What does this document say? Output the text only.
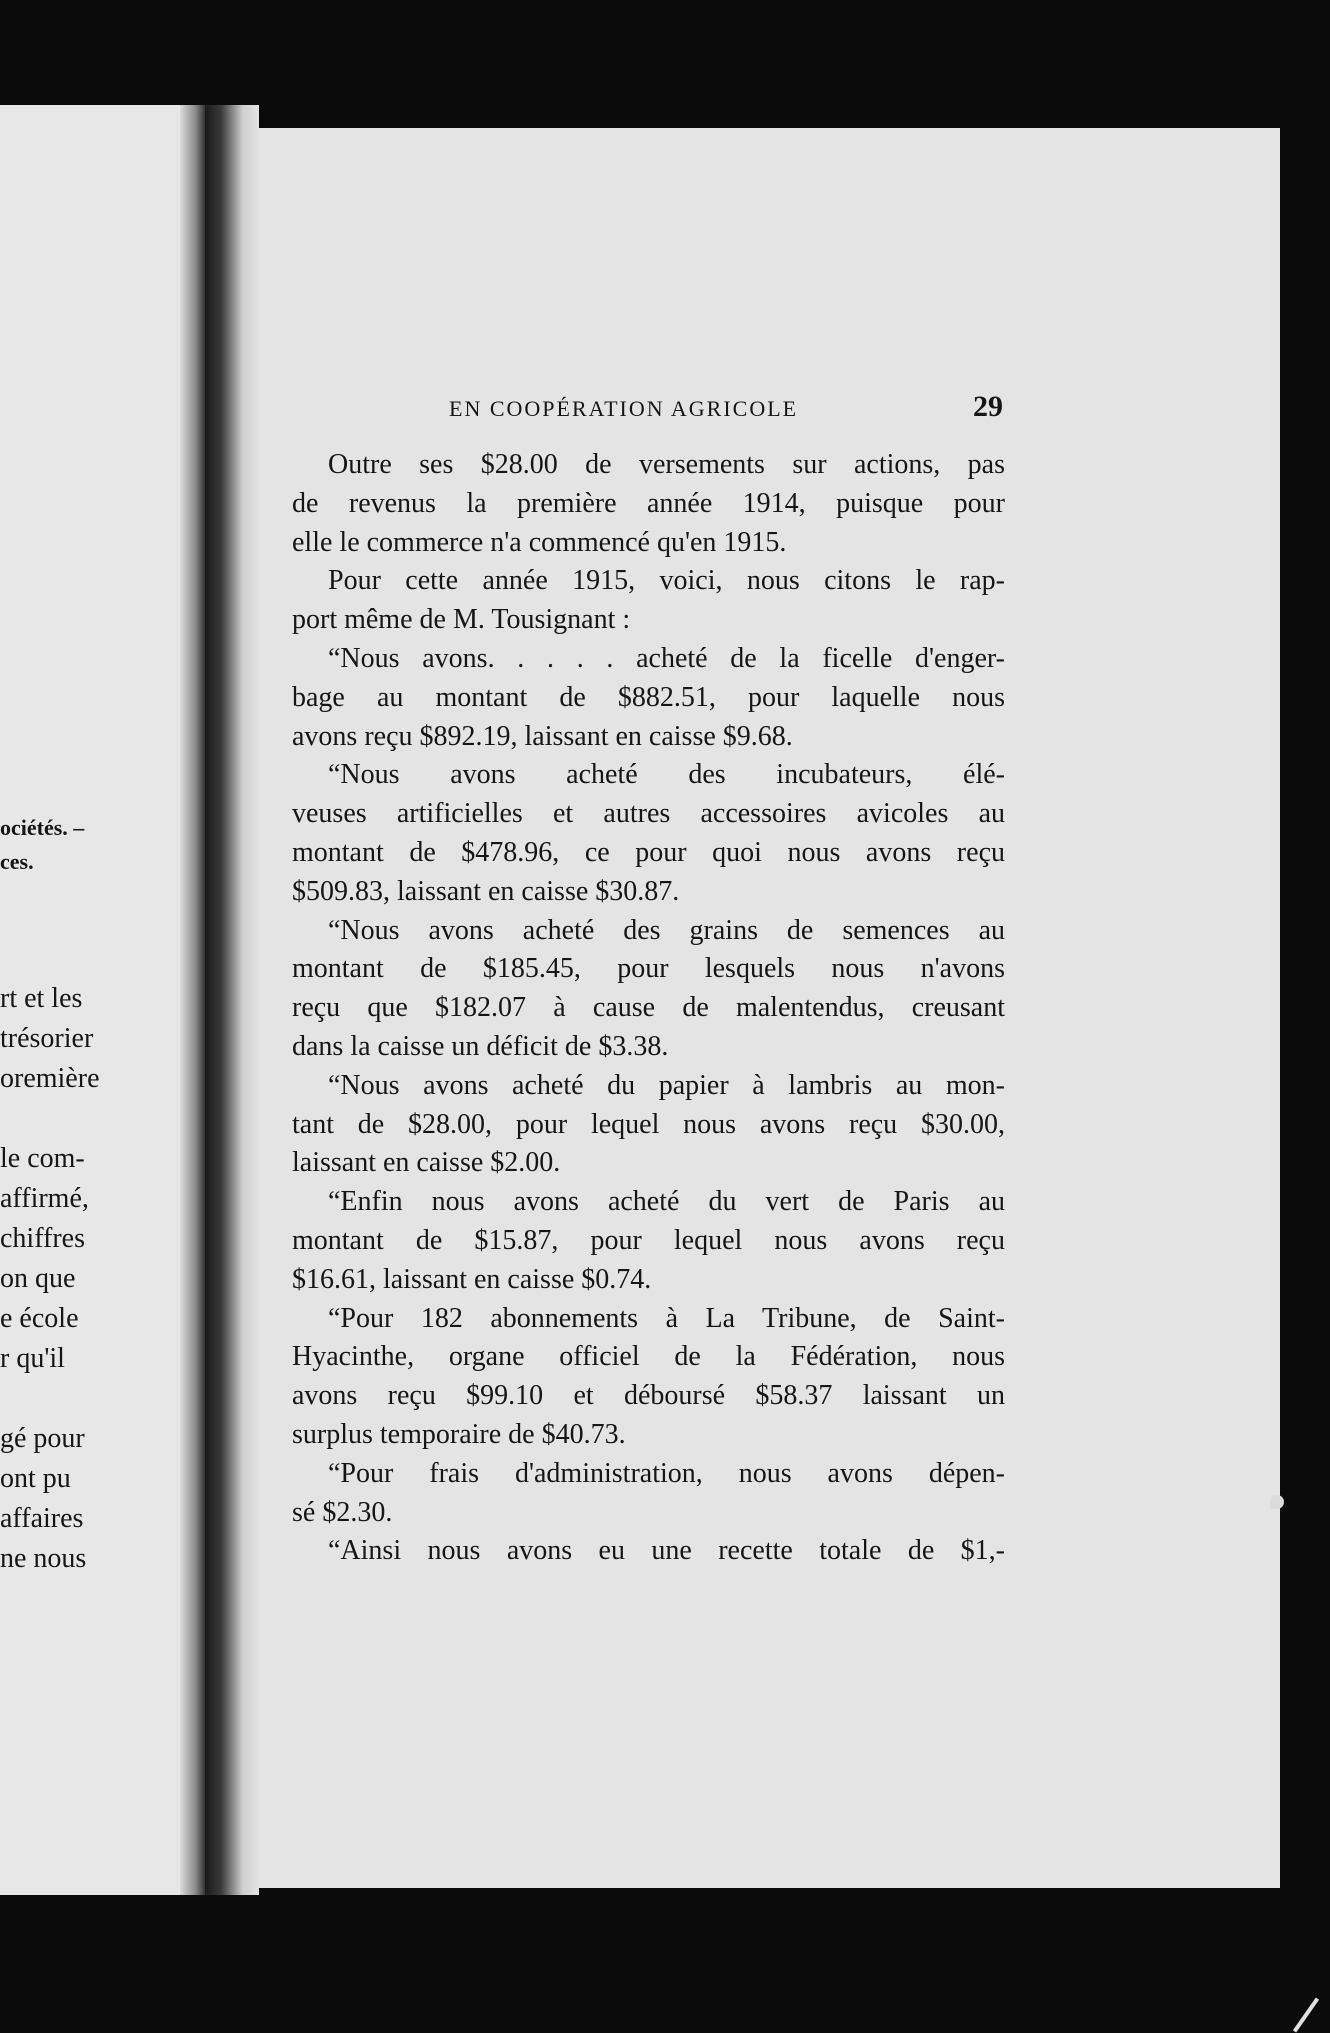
ociétés. –
ces.
rt et les
trésorier
oremière
le com-
affirmé,
chiffres
on que
e école
r qu'il
gé pour
ont pu
affaires
ne nous
EN COOPÉRATION AGRICOLE	29
Outre ses $28.00 de versements sur actions, pas
de revenus la première année 1914, puisque pour
elle le commerce n'a commencé qu'en 1915.
Pour cette année 1915, voici, nous citons le rap-
port même de M. Tousignant :
“Nous avons. . . . . acheté de la ficelle d'enger-
bage au montant de $882.51, pour laquelle nous
avons reçu $892.19, laissant en caisse $9.68.
“Nous avons acheté des incubateurs, élé-
veuses artificielles et autres accessoires avicoles au
montant de $478.96, ce pour quoi nous avons reçu
$509.83, laissant en caisse $30.87.
“Nous avons acheté des grains de semences au
montant de $185.45, pour lesquels nous n'avons
reçu que $182.07 à cause de malentendus, creusant
dans la caisse un déficit de $3.38.
“Nous avons acheté du papier à lambris au mon-
tant de $28.00, pour lequel nous avons reçu $30.00,
laissant en caisse $2.00.
“Enfin nous avons acheté du vert de Paris au
montant de $15.87, pour lequel nous avons reçu
$16.61, laissant en caisse $0.74.
“Pour 182 abonnements à La Tribune, de Saint-
Hyacinthe, organe officiel de la Fédération, nous
avons reçu $99.10 et déboursé $58.37 laissant un
surplus temporaire de $40.73.
“Pour frais d'administration, nous avons dépen-
sé $2.30.
“Ainsi nous avons eu une recette totale de $1,-
